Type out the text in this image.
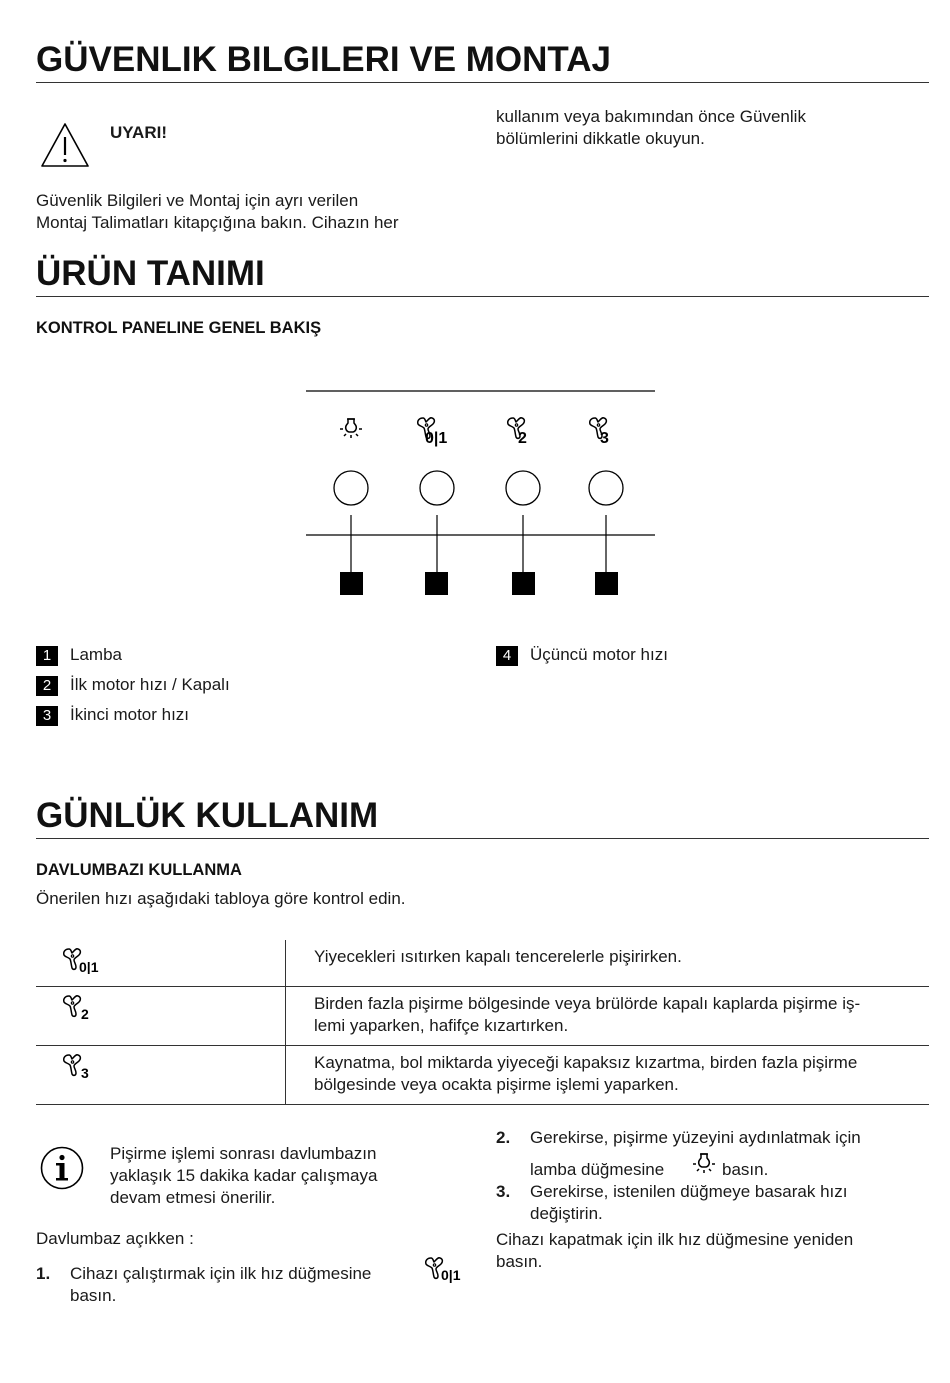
GÜVENLIK BILGILERI VE MONTAJ
UYARI!

Güvenlik Bilgileri ve Montaj için ayrı verilen
Montaj Talimatları kitapçığına bakın. Cihazın her

kullanım veya bakımından önce Güvenlik
bölümlerini dikkatle okuyun.

ÜRÜN TANIMI
KONTROL PANELINE GENEL BAKIŞ
0|1	2	3
1 Lamba
2 İlk motor hızı / Kapalı
3 İkinci motor hızı
4 Üçüncü motor hızı
GÜNLÜK KULLANIM
DAVLUMBAZI KULLANMA

Önerilen hızı aşağıdaki tabloya göre kontrol edin.

0|1	Yiyecekleri ısıtırken kapalı tencerelerle pişirirken.

2	Birden fazla pişirme bölgesinde veya brülörde kapalı kaplarda pişirme iş-
lemi yaparken, hafifçe kızartırken.

3	Kaynatma, bol miktarda yiyeceği kapaksız kızartma, birden fazla pişirme
bölgesinde veya ocakta pişirme işlemi yaparken.

Pişirme işlemi sonrası davlumbazın
yaklaşık 15 dakika kadar çalışmaya
devam etmesi önerilir.

Davlumbaz açıkken :

1. Cihazı çalıştırmak için ilk hız düğmesine	0|1

basın.

2. Gerekirse, pişirme yüzeyini aydınlatmak için

lamba düğmesine	basın.

3. Gerekirse, istenilen düğmeye basarak hızı
değiştirin.

Cihazı kapatmak için ilk hız düğmesine yeniden
basın.
